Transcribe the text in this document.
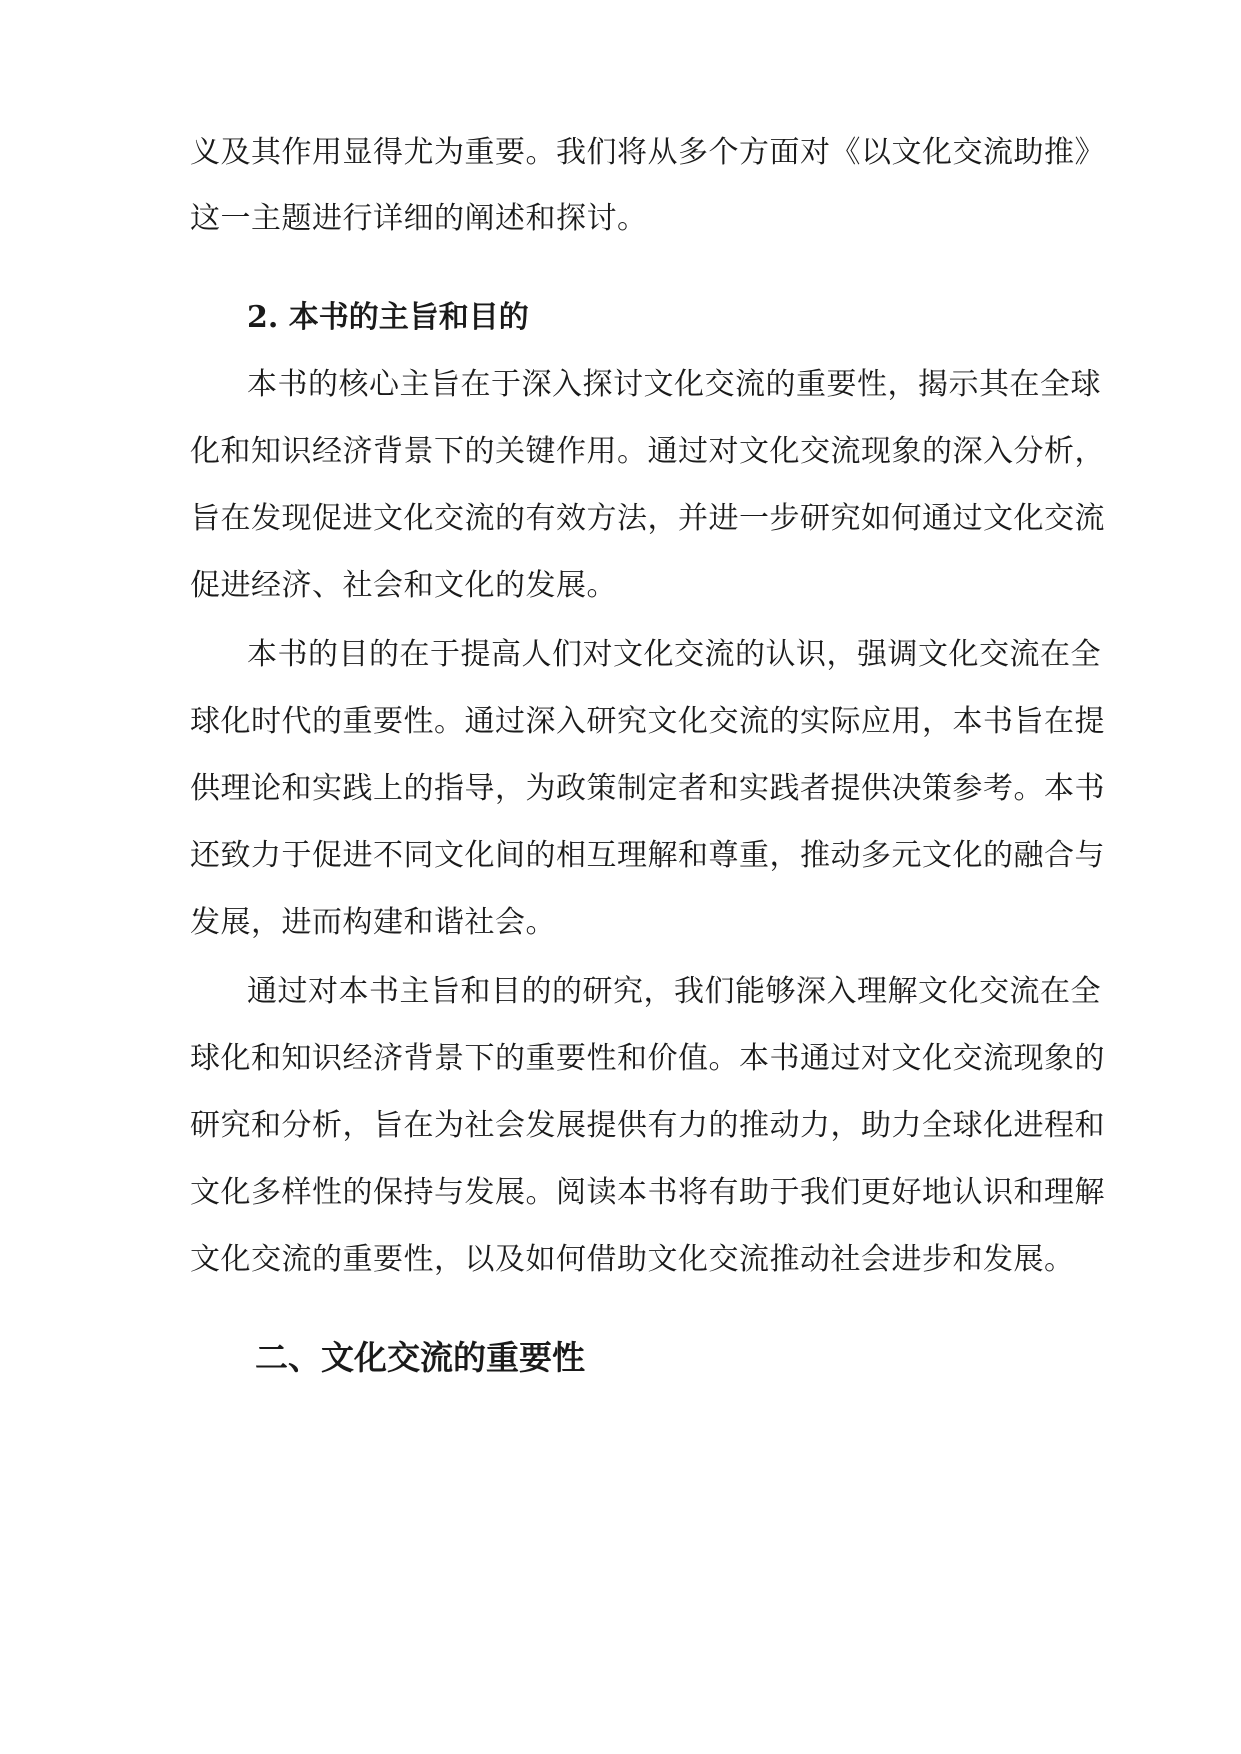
义及其作用显得尤为重要。我们将从多个方面对《以文化交流助推》
这一主题进行详细的阐述和探讨。
2. 本书的主旨和目的
本书的核心主旨在于深入探讨文化交流的重要性，揭示其在全球
化和知识经济背景下的关键作用。通过对文化交流现象的深入分析，
旨在发现促进文化交流的有效方法，并进一步研究如何通过文化交流
促进经济、社会和文化的发展。
本书的目的在于提高人们对文化交流的认识，强调文化交流在全
球化时代的重要性。通过深入研究文化交流的实际应用，本书旨在提
供理论和实践上的指导，为政策制定者和实践者提供决策参考。本书
还致力于促进不同文化间的相互理解和尊重，推动多元文化的融合与
发展，进而构建和谐社会。
通过对本书主旨和目的的研究，我们能够深入理解文化交流在全
球化和知识经济背景下的重要性和价值。本书通过对文化交流现象的
研究和分析，旨在为社会发展提供有力的推动力，助力全球化进程和
文化多样性的保持与发展。阅读本书将有助于我们更好地认识和理解
文化交流的重要性，以及如何借助文化交流推动社会进步和发展。
二、文化交流的重要性
